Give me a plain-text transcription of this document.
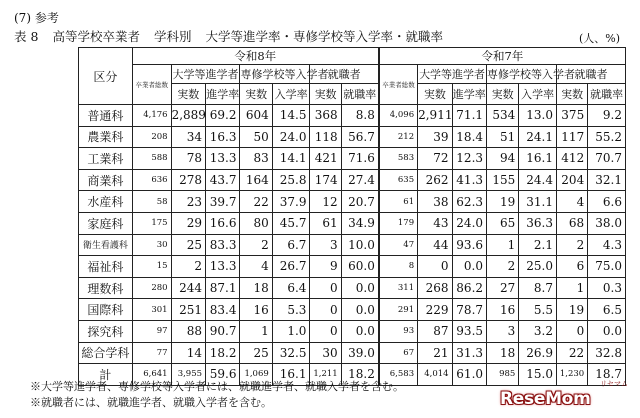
(7) 参考
表 8 高等学校卒業者 学科別 大学等進学率・専修学校等入学率・就職率	(人、%)
区分	令和8年							令和7年						
	卒業者総数	大学等進学者		専修学校等入学者		就職者		卒業者総数	大学等進学者		専修学校等入学者		就職者	
		実数	進学率	実数	入学率	実数	就職率		実数	進学率	実数	入学率	実数	就職率
普通科	4,176	2,889	69.2	604	14.5	368	8.8	4,096	2,911	71.1	534	13.0	375	9.2
農業科	208	34	16.3	50	24.0	118	56.7	212	39	18.4	51	24.1	117	55.2
工業科	588	78	13.3	83	14.1	421	71.6	583	72	12.3	94	16.1	412	70.7
商業科	636	278	43.7	164	25.8	174	27.4	635	262	41.3	155	24.4	204	32.1
水産科	58	23	39.7	22	37.9	12	20.7	61	38	62.3	19	31.1	4	6.6
家庭科	175	29	16.6	80	45.7	61	34.9	179	43	24.0	65	36.3	68	38.0
衛生看護科	30	25	83.3	2	6.7	3	10.0	47	44	93.6	1	2.1	2	4.3
福祉科	15	2	13.3	4	26.7	9	60.0	8	0	0.0	2	25.0	6	75.0
理数科	280	244	87.1	18	6.4	0	0.0	311	268	86.2	27	8.7	1	0.3
国際科	301	251	83.4	16	5.3	0	0.0	291	229	78.7	16	5.5	19	6.5
探究科	97	88	90.7	1	1.0	0	0.0	93	87	93.5	3	3.2	0	0.0
総合学科	77	14	18.2	25	32.5	30	39.0	67	21	31.3	18	26.9	22	32.8
計	6,641	3,955	59.6	1,069	16.1	1,211	18.2	6,583	4,014	61.0	985	15.0	1,230	18.7
※大学等進学者、専修学校等入学者には、就職進学者、就職入学者を含む。
※就職者には、就職進学者、就職入学者を含む。	ReseMom
リセマム
